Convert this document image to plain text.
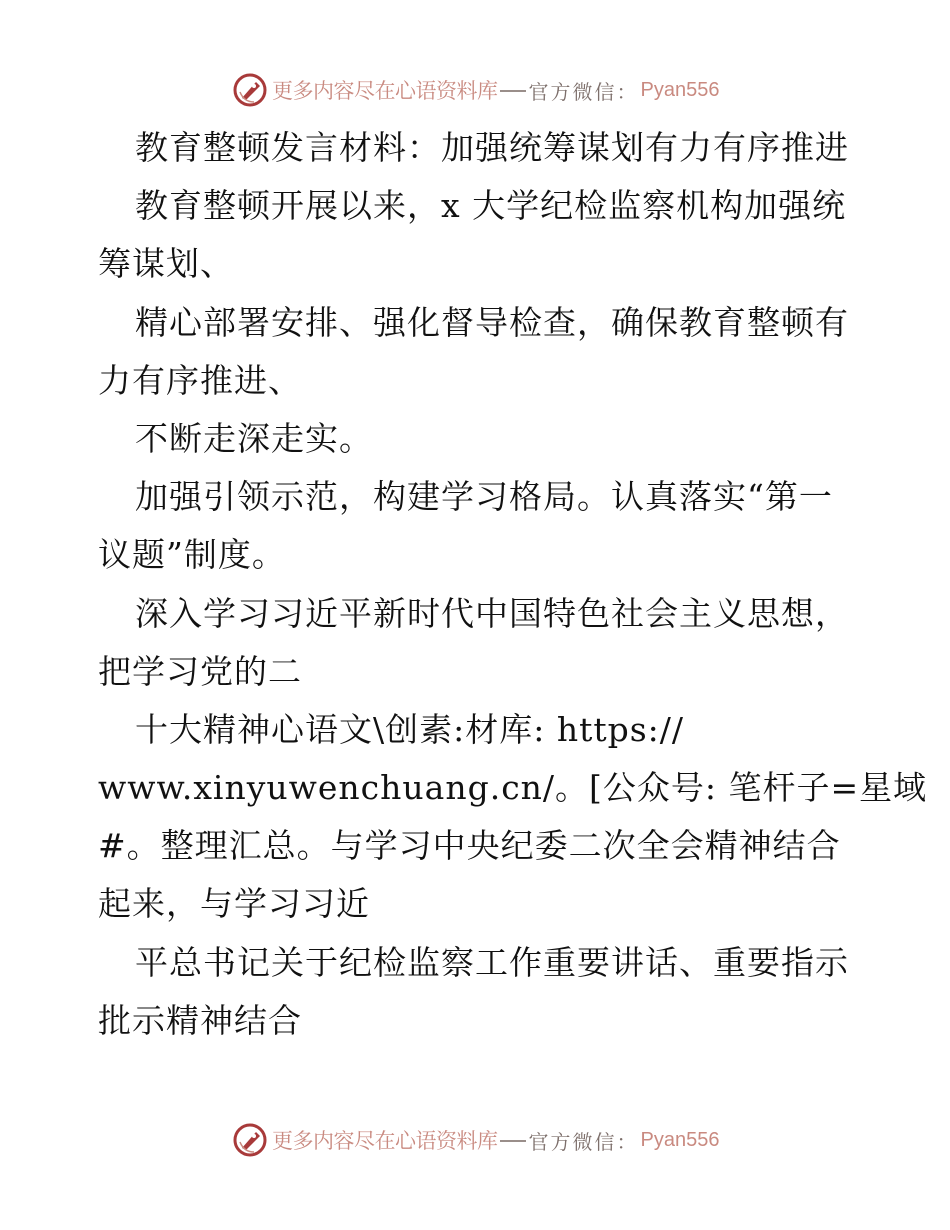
更多内容尽在心语资料库 官方微信： Pyan556
教育整顿发言材料：加强统筹谋划有力有序推进
教育整顿开展以来，x 大学纪检监察机构加强统
筹谋划、
精心部署安排、强化督导检查，确保教育整顿有
力有序推进、
不断走深走实。
加强引领示范，构建学习格局。认真落实“第一
议题”制度。
深入学习习近平新时代中国特色社会主义思想，
把学习党的二
十大精神心语文\创素:材库: https://
www.xinyuwenchuang.cn/。[公众号: 笔杆子=星域
#。整理汇总。与学习中央纪委二次全会精神结合
起来，与学习习近
平总书记关于纪检监察工作重要讲话、重要指示
批示精神结合
更多内容尽在心语资料库 官方微信： Pyan556
